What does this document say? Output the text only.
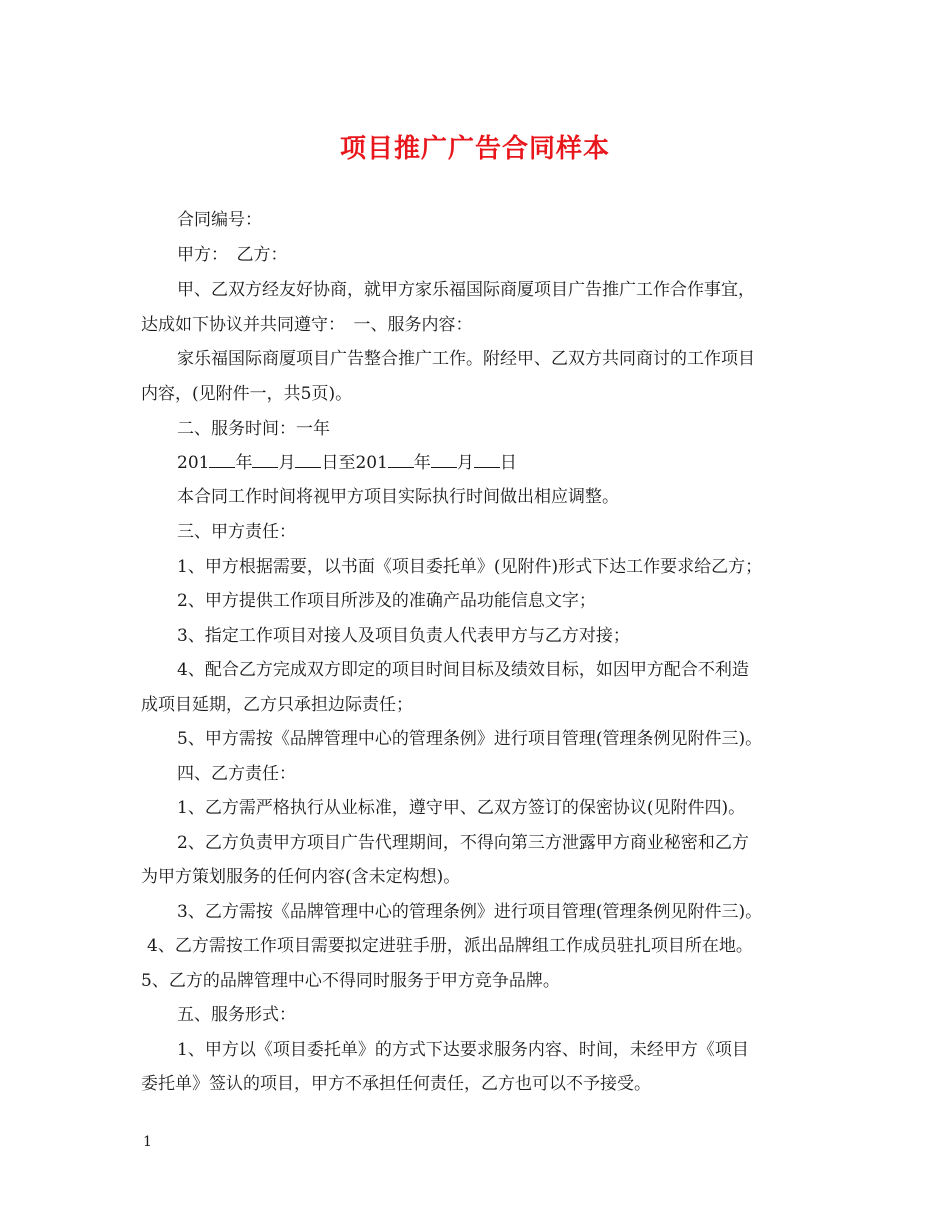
项目推广广告合同样本
合同编号：
甲方：　乙方：
甲、乙双方经友好协商，就甲方家乐福国际商厦项目广告推广工作合作事宜，
达成如下协议并共同遵守：　一、服务内容：
家乐福国际商厦项目广告整合推广工作。附经甲、乙双方共同商讨的工作项目
内容，(见附件一，共5页)。
二、服务时间：一年
201 年 月 日至201 年 月 日
本合同工作时间将视甲方项目实际执行时间做出相应调整。
三、甲方责任：
1、甲方根据需要，以书面《项目委托单》(见附件)形式下达工作要求给乙方；
2、甲方提供工作项目所涉及的准确产品功能信息文字；
3、指定工作项目对接人及项目负责人代表甲方与乙方对接；
4、配合乙方完成双方即定的项目时间目标及绩效目标，如因甲方配合不利造
成项目延期，乙方只承担边际责任；
5、甲方需按《品牌管理中心的管理条例》进行项目管理(管理条例见附件三)。
四、乙方责任：
1、乙方需严格执行从业标准，遵守甲、乙双方签订的保密协议(见附件四)。
2、乙方负责甲方项目广告代理期间，不得向第三方泄露甲方商业秘密和乙方
为甲方策划服务的任何内容(含未定构想)。
3、乙方需按《品牌管理中心的管理条例》进行项目管理(管理条例见附件三)。
4、乙方需按工作项目需要拟定进驻手册，派出品牌组工作成员驻扎项目所在地。
5、乙方的品牌管理中心不得同时服务于甲方竞争品牌。
五、服务形式：
1、甲方以《项目委托单》的方式下达要求服务内容、时间，未经甲方《项目
委托单》签认的项目，甲方不承担任何责任，乙方也可以不予接受。
1
